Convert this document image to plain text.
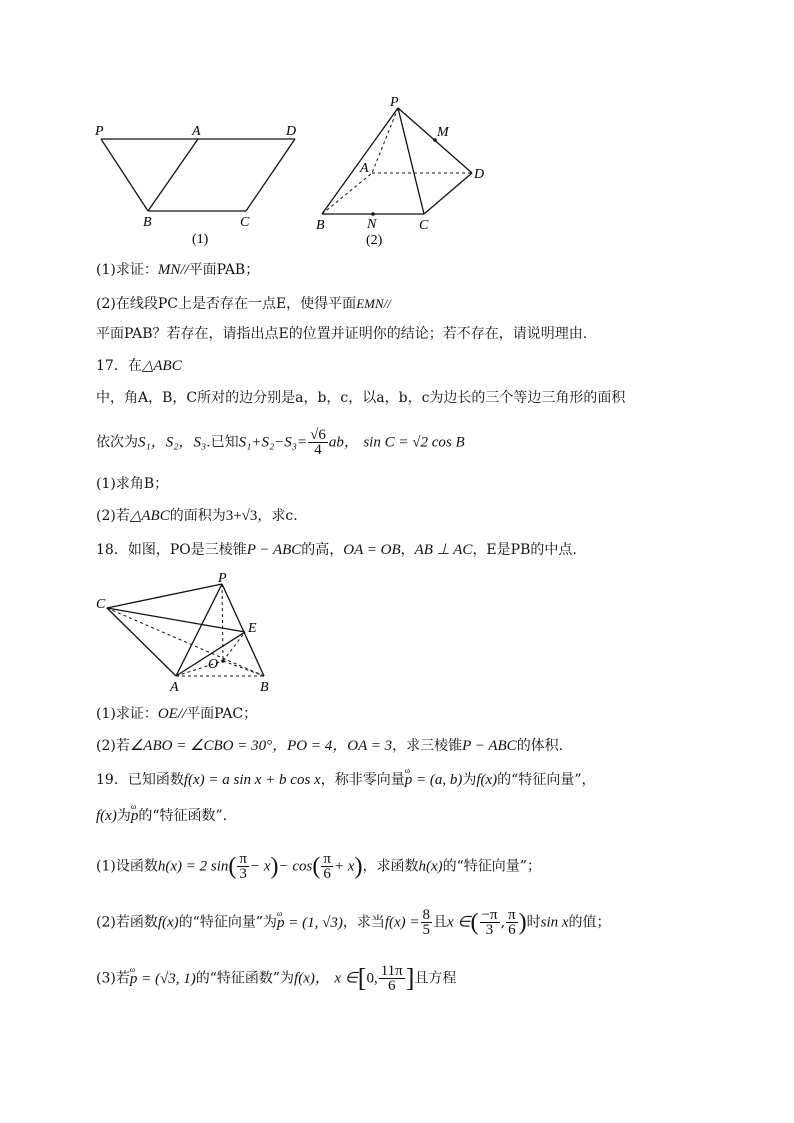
P	A	D
B	C
(1)
P
M
A	D
B	N	C
(2)
(1)求证：MN//平面PAB；
(2)在线段PC上是否存在一点E，使得平面EMN//
平面PAB？若存在，请指出点E的位置并证明你的结论；若不存在，请说明理由.
17．在△ABC
中，角A，B，C所对的边分别是a，b，c，以a，b，c为边长的三个等边三角形的面积
依次为S₁，S₂，S₃.已知$S_1+S_2-S_3= \frac{√6}{4}$ ab， sin C = √2 cos B
(1)求角B；
(2)若△ABC的面积为3+√3，求c.
18．如图，PO是三棱锥P − ABC的高，OA = OB，AB ⊥ AC，E是PB的中点.
P
C
E
O
A	B
(1)求证：OE//平面PAC；
(2)若∠ABO = ∠CBO = 30°，PO = 4，OA = 3，求三棱锥P − ABC的体积.
19．已知函数f(x) = a sin x + b cos x，称非零向量ω p = (a, b)为f(x)的“特征向量”，
f(x)为ω p的“特征函数”.
(1)设函数h(x) = 2 $\sin( \frac{\pi}{3} - x)- \cos( \frac{\pi}{6} + x)$，求函数h(x)的“特征向量”；
(2)若函数f(x)的“特征向量”为ω p = (1, √3)，求当$f(x) = \frac{8}{5}$ 且x ∈( $\frac{-\pi}{3}$ , $\frac{\pi}{6}$ )时sin x的值；
(3)若ω p = (√3, 1)的“特征函数”为f(x)， x ∈[0, $\frac{11\pi}{6}$ ]且方程
